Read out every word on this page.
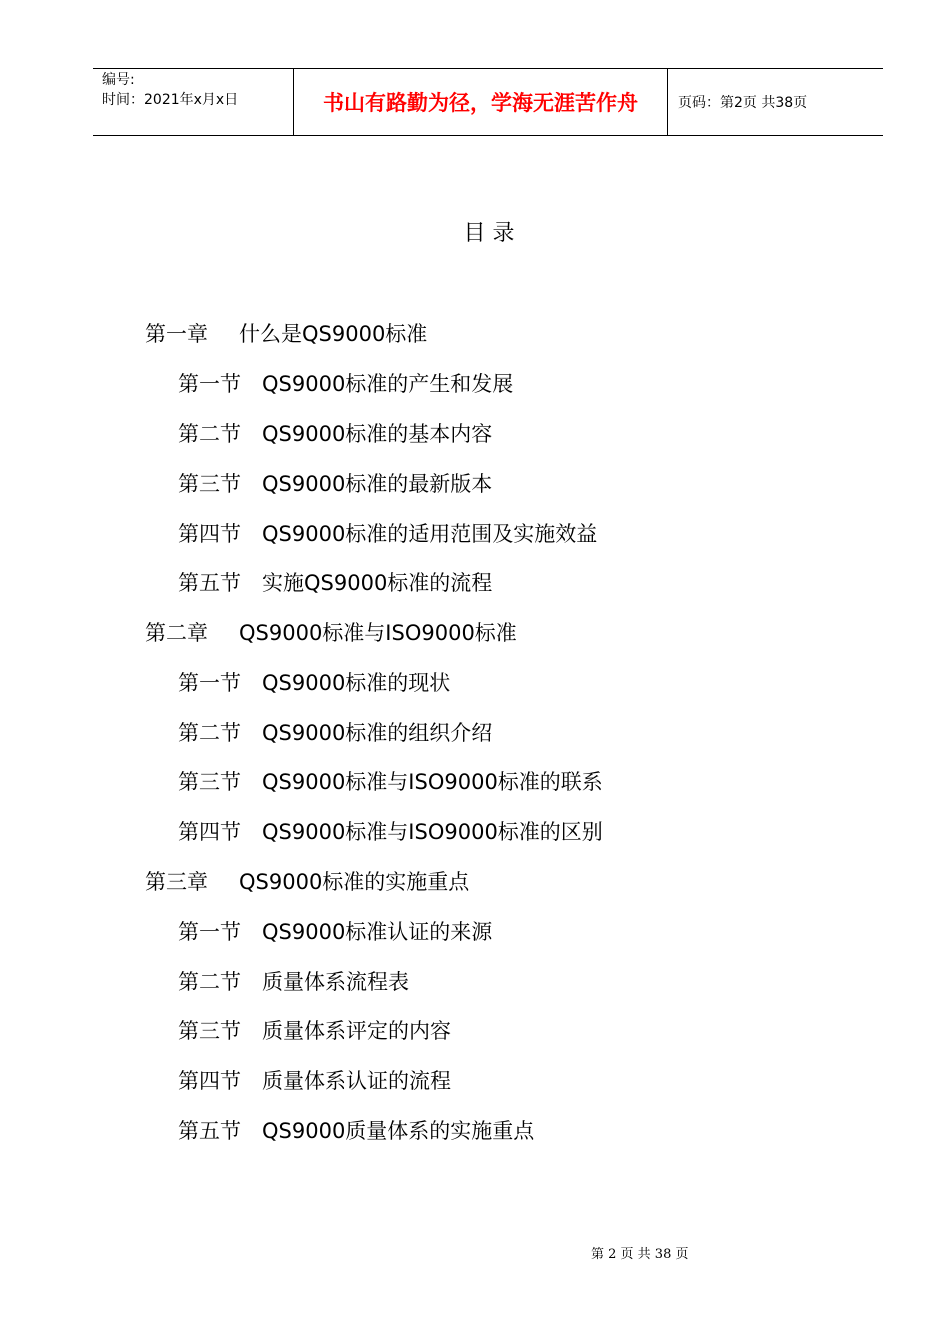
编号:
时间：2021年x月x日	书山有路勤为径，学海无涯苦作舟	页码：第2页 共38页
目 录
第一章 什么是QS9000标准
第一节 QS9000标准的产生和发展
第二节 QS9000标准的基本内容
第三节 QS9000标准的最新版本
第四节 QS9000标准的适用范围及实施效益
第五节 实施QS9000标准的流程
第二章 QS9000标准与ISO9000标准
第一节 QS9000标准的现状
第二节 QS9000标准的组织介绍
第三节 QS9000标准与ISO9000标准的联系
第四节 QS9000标准与ISO9000标准的区别
第三章 QS9000标准的实施重点
第一节 QS9000标准认证的来源
第二节 质量体系流程表
第三节 质量体系评定的内容
第四节 质量体系认证的流程
第五节 QS9000质量体系的实施重点
第 2 页 共 38 页
